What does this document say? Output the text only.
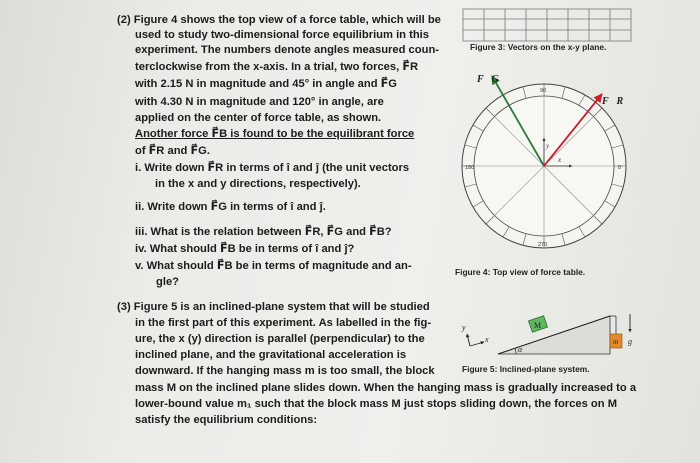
Figure 3: Vectors on the x-y plane.
(2) Figure 4 shows the top view of a force table, which will be
used to study two-dimensional force equilibrium in this
experiment. The numbers denote angles measured coun-
terclockwise from the x-axis. In a trial, two forces, F⃗R
with 2.15 N in magnitude and 45° in angle and F⃗G
with 4.30 N in magnitude and 120° in angle, are
applied on the center of force table, as shown.
Another force F⃗B is found to be the equilibrant force
of F⃗R and F⃗G.
i. Write down F⃗R in terms of î and ĵ (the unit vectors
in the x and y directions, respectively).
ii. Write down F⃗G in terms of î and ĵ.
iii. What is the relation between F⃗R, F⃗G and F⃗B?
iv. What should F⃗B be in terms of î and ĵ?
v. What should F⃗B be in terms of magnitude and an-
gle?
y
x
F⃗G
F⃗R
90
180
270
0
Figure 4: Top view of force table.
(3) Figure 5 is an inclined-plane system that will be studied
in the first part of this experiment. As labelled in the fig-
ure, the x (y) direction is parallel (perpendicular) to the
inclined plane, and the gravitational acceleration is
downward. If the hanging mass m is too small, the block
mass M on the inclined plane slides down. When the hanging mass is gradually increased to a
lower-bound value m₁ such that the block mass M just stops sliding down, the forces on M
satisfy the equilibrium conditions:
M
m g
x
y
α
Figure 5: Inclined-plane system.
